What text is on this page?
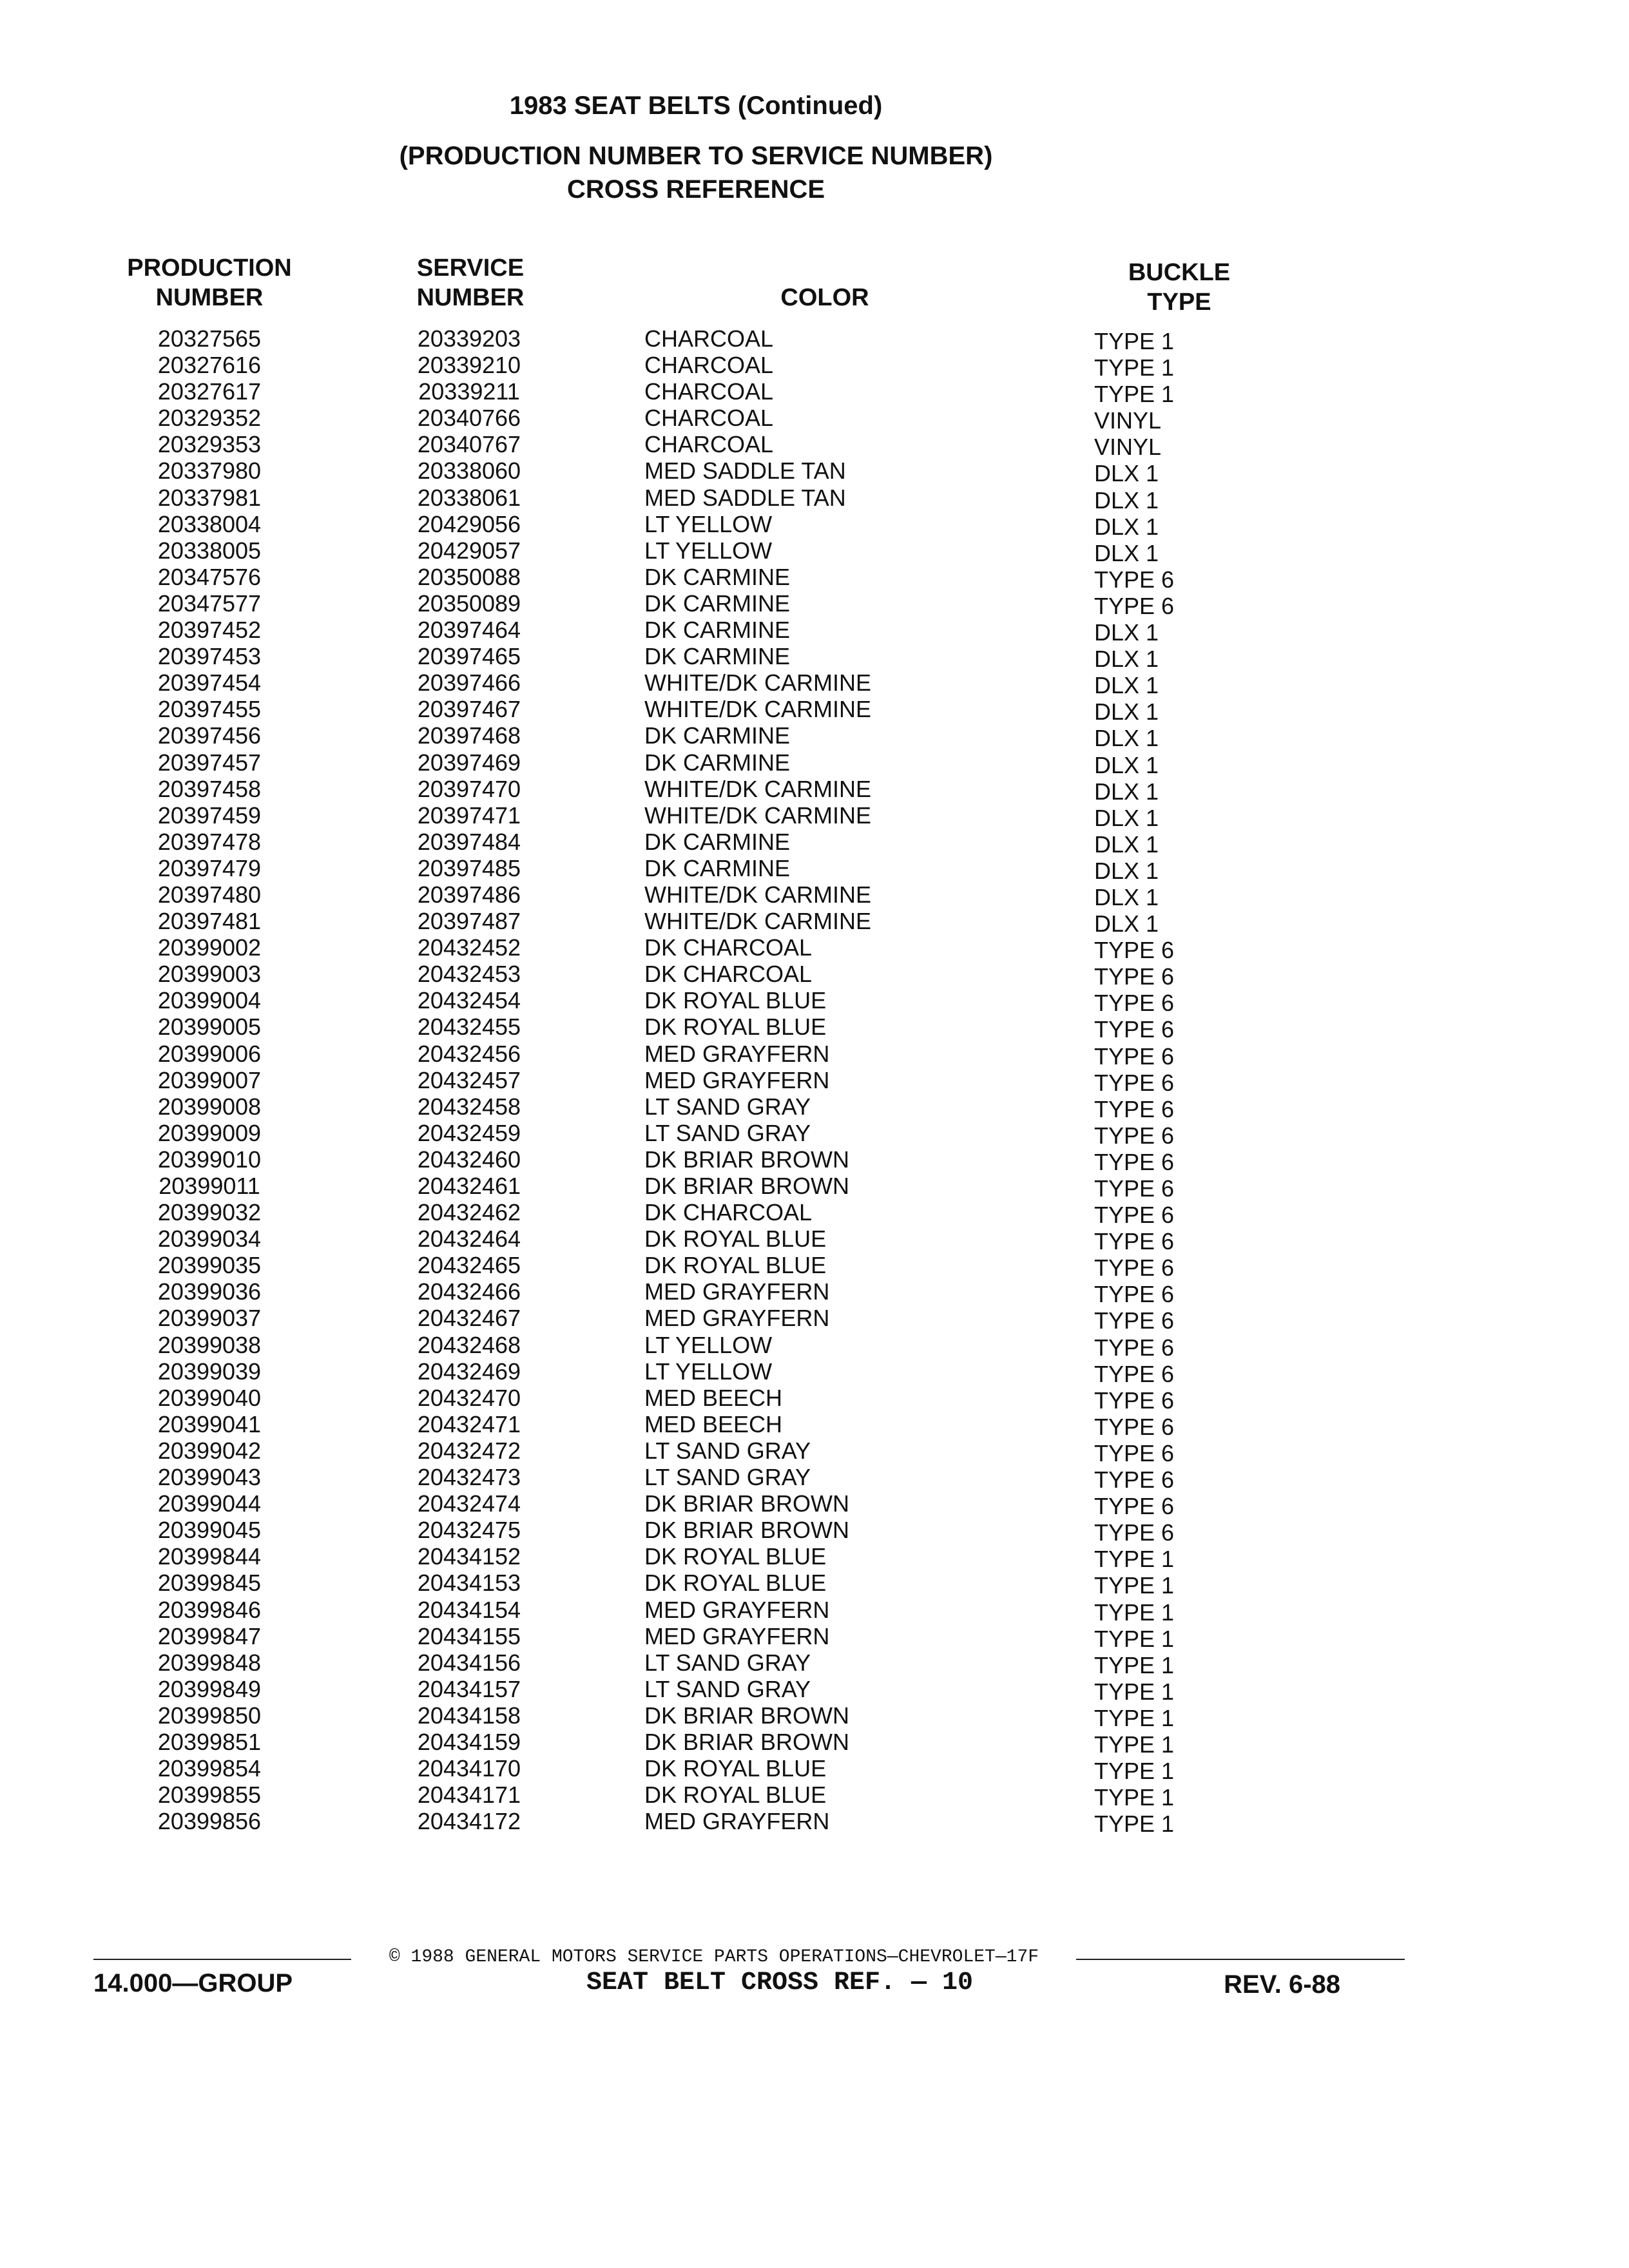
1983 SEAT BELTS (Continued)
(PRODUCTION NUMBER TO SERVICE NUMBER)
CROSS REFERENCE
PRODUCTION
NUMBER
SERVICE
NUMBER	COLOR
BUCKLE
TYPE
20327565	20339203	CHARCOAL	TYPE 1
20327616	20339210	CHARCOAL	TYPE 1
20327617	20339211	CHARCOAL	TYPE 1
20329352	20340766	CHARCOAL	VINYL
20329353	20340767	CHARCOAL	VINYL
20337980	20338060	MED SADDLE TAN	DLX 1
20337981	20338061	MED SADDLE TAN	DLX 1
20338004	20429056	LT YELLOW	DLX 1
20338005	20429057	LT YELLOW	DLX 1
20347576	20350088	DK CARMINE	TYPE 6
20347577	20350089	DK CARMINE	TYPE 6
20397452	20397464	DK CARMINE	DLX 1
20397453	20397465	DK CARMINE	DLX 1
20397454	20397466	WHITE/DK CARMINE	DLX 1
20397455	20397467	WHITE/DK CARMINE	DLX 1
20397456	20397468	DK CARMINE	DLX 1
20397457	20397469	DK CARMINE	DLX 1
20397458	20397470	WHITE/DK CARMINE	DLX 1
20397459	20397471	WHITE/DK CARMINE	DLX 1
20397478	20397484	DK CARMINE	DLX 1
20397479	20397485	DK CARMINE	DLX 1
20397480	20397486	WHITE/DK CARMINE	DLX 1
20397481	20397487	WHITE/DK CARMINE	DLX 1
20399002	20432452	DK CHARCOAL	TYPE 6
20399003	20432453	DK CHARCOAL	TYPE 6
20399004	20432454	DK ROYAL BLUE	TYPE 6
20399005	20432455	DK ROYAL BLUE	TYPE 6
20399006	20432456	MED GRAYFERN	TYPE 6
20399007	20432457	MED GRAYFERN	TYPE 6
20399008	20432458	LT SAND GRAY	TYPE 6
20399009	20432459	LT SAND GRAY	TYPE 6
20399010	20432460	DK BRIAR BROWN	TYPE 6
20399011	20432461	DK BRIAR BROWN	TYPE 6
20399032	20432462	DK CHARCOAL	TYPE 6
20399034	20432464	DK ROYAL BLUE	TYPE 6
20399035	20432465	DK ROYAL BLUE	TYPE 6
20399036	20432466	MED GRAYFERN	TYPE 6
20399037	20432467	MED GRAYFERN	TYPE 6
20399038	20432468	LT YELLOW	TYPE 6
20399039	20432469	LT YELLOW	TYPE 6
20399040	20432470	MED BEECH	TYPE 6
20399041	20432471	MED BEECH	TYPE 6
20399042	20432472	LT SAND GRAY	TYPE 6
20399043	20432473	LT SAND GRAY	TYPE 6
20399044	20432474	DK BRIAR BROWN	TYPE 6
20399045	20432475	DK BRIAR BROWN	TYPE 6
20399844	20434152	DK ROYAL BLUE	TYPE 1
20399845	20434153	DK ROYAL BLUE	TYPE 1
20399846	20434154	MED GRAYFERN	TYPE 1
20399847	20434155	MED GRAYFERN	TYPE 1
20399848	20434156	LT SAND GRAY	TYPE 1
20399849	20434157	LT SAND GRAY	TYPE 1
20399850	20434158	DK BRIAR BROWN	TYPE 1
20399851	20434159	DK BRIAR BROWN	TYPE 1
20399854	20434170	DK ROYAL BLUE	TYPE 1
20399855	20434171	DK ROYAL BLUE	TYPE 1
20399856	20434172	MED GRAYFERN	TYPE 1
© 1988 GENERAL MOTORS SERVICE PARTS OPERATIONS—CHEVROLET—17F
14.000—GROUP	SEAT BELT CROSS REF. — 10	REV. 6-88
